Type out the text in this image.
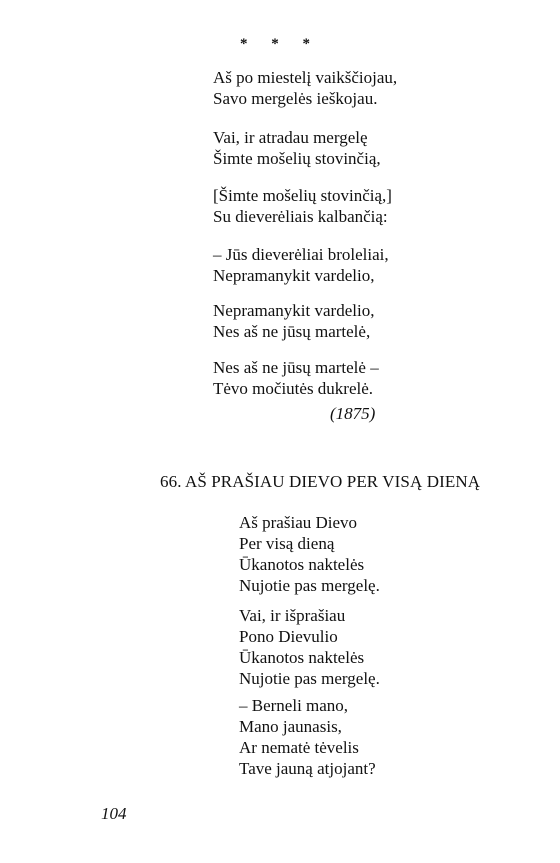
* * *
Aš po miestelį vaikščiojau,
Savo mergelės ieškojau.
Vai, ir atradau mergelę
Šimte mošelių stovinčią,
[Šimte mošelių stovinčią,]
Su dieverėliais kalbančią:
– Jūs dieverėliai broleliai,
Nepramanykit vardelio,
Nepramanykit vardelio,
Nes aš ne jūsų martelė,
Nes aš ne jūsų martelė –
Tėvo močiutės dukrelė.
(1875)
66. AŠ PRAŠIAU DIEVO PER VISĄ DIENĄ
Aš prašiau Dievo
Per visą dieną
Ūkanotos naktelės
Nujotie pas mergelę.
Vai, ir išprašiau
Pono Dievulio
Ūkanotos naktelės
Nujotie pas mergelę.
– Berneli mano,
Mano jaunasis,
Ar nematė tėvelis
Tave jauną atjojant?
104
